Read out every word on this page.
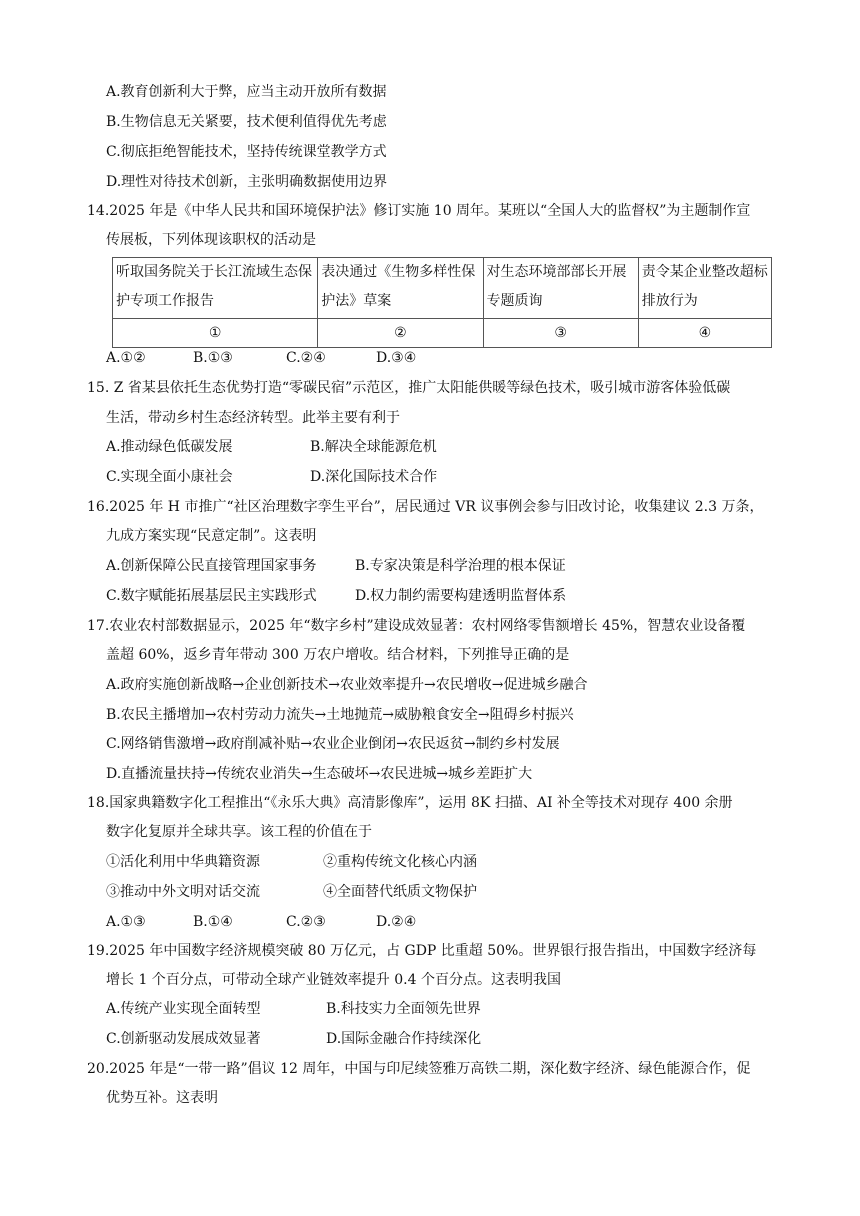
A.教育创新利大于弊，应当主动开放所有数据
B.生物信息无关紧要，技术便利值得优先考虑
C.彻底拒绝智能技术，坚持传统课堂教学方式
D.理性对待技术创新，主张明确数据使用边界
14.2025 年是《中华人民共和国环境保护法》修订实施 10 周年。某班以“全国人大的监督权”为主题制作宣
传展板，下列体现该职权的活动是
听取国务院关于长江流域生态保护专项工作报告	表决通过《生物多样性保护法》草案	对生态环境部部长开展专题质询	责令某企业整改超标排放行为
①	②	③	④
A.①②	B.①③	C.②④	D.③④
15. Z 省某县依托生态优势打造“零碳民宿”示范区，推广太阳能供暖等绿色技术，吸引城市游客体验低碳
生活，带动乡村生态经济转型。此举主要有利于
A.推动绿色低碳发展	B.解决全球能源危机
C.实现全面小康社会	D.深化国际技术合作
16.2025 年 H 市推广“社区治理数字孪生平台”，居民通过 VR 议事例会参与旧改讨论，收集建议 2.3 万条，
九成方案实现“民意定制”。这表明
A.创新保障公民直接管理国家事务	B.专家决策是科学治理的根本保证
C.数字赋能拓展基层民主实践形式	D.权力制约需要构建透明监督体系
17.农业农村部数据显示，2025 年“数字乡村”建设成效显著：农村网络零售额增长 45%，智慧农业设备覆
盖超 60%，返乡青年带动 300 万农户增收。结合材料，下列推导正确的是
A.政府实施创新战略→企业创新技术→农业效率提升→农民增收→促进城乡融合
B.农民主播增加→农村劳动力流失→土地抛荒→威胁粮食安全→阻碍乡村振兴
C.网络销售激增→政府削减补贴→农业企业倒闭→农民返贫→制约乡村发展
D.直播流量扶持→传统农业消失→生态破坏→农民进城→城乡差距扩大
18.国家典籍数字化工程推出“《永乐大典》高清影像库”，运用 8K 扫描、AI 补全等技术对现存 400 余册
数字化复原并全球共享。该工程的价值在于
①活化利用中华典籍资源	②重构传统文化核心内涵
③推动中外文明对话交流	④全面替代纸质文物保护
A.①③	B.①④	C.②③	D.②④
19.2025 年中国数字经济规模突破 80 万亿元，占 GDP 比重超 50%。世界银行报告指出，中国数字经济每
增长 1 个百分点，可带动全球产业链效率提升 0.4 个百分点。这表明我国
A.传统产业实现全面转型	B.科技实力全面领先世界
C.创新驱动发展成效显著	D.国际金融合作持续深化
20.2025 年是“一带一路”倡议 12 周年，中国与印尼续签雅万高铁二期，深化数字经济、绿色能源合作，促
优势互补。这表明
